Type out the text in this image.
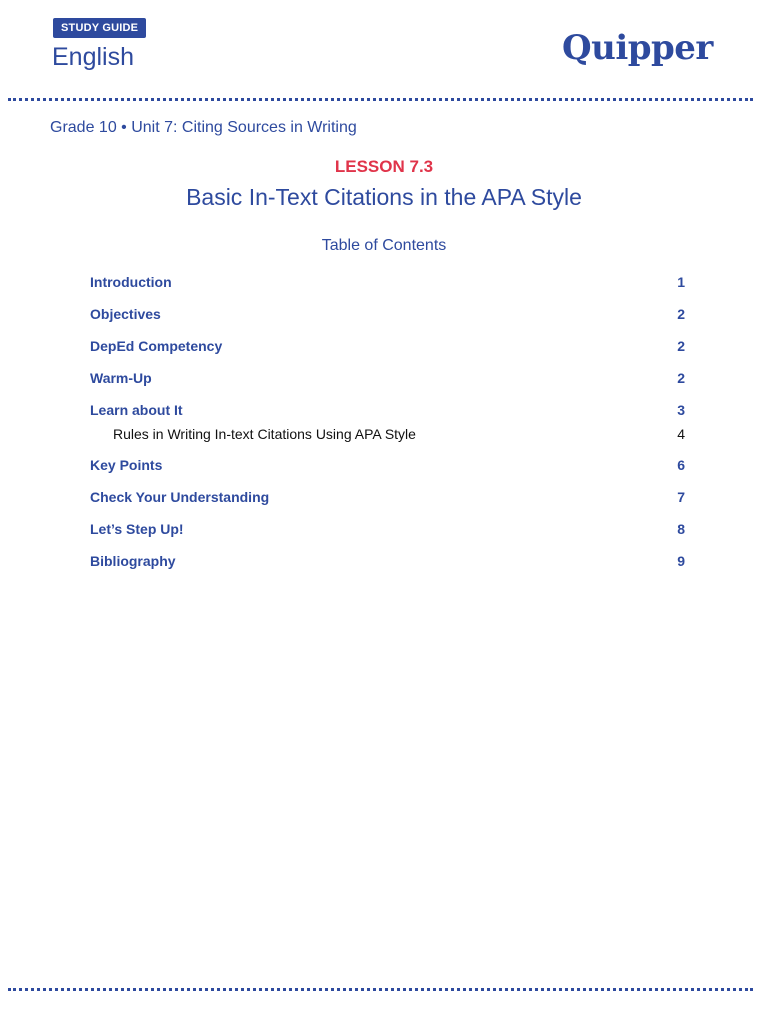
STUDY GUIDE
English	Quipper
Grade 10 • Unit 7: Citing Sources in Writing
LESSON 7.3
Basic In-Text Citations in the APA Style
Table of Contents
Introduction	1
Objectives	2
DepEd Competency	2
Warm-Up	2
Learn about It	3
Rules in Writing In-text Citations Using APA Style	4
Key Points	6
Check Your Understanding	7
Let’s Step Up!	8
Bibliography	9
